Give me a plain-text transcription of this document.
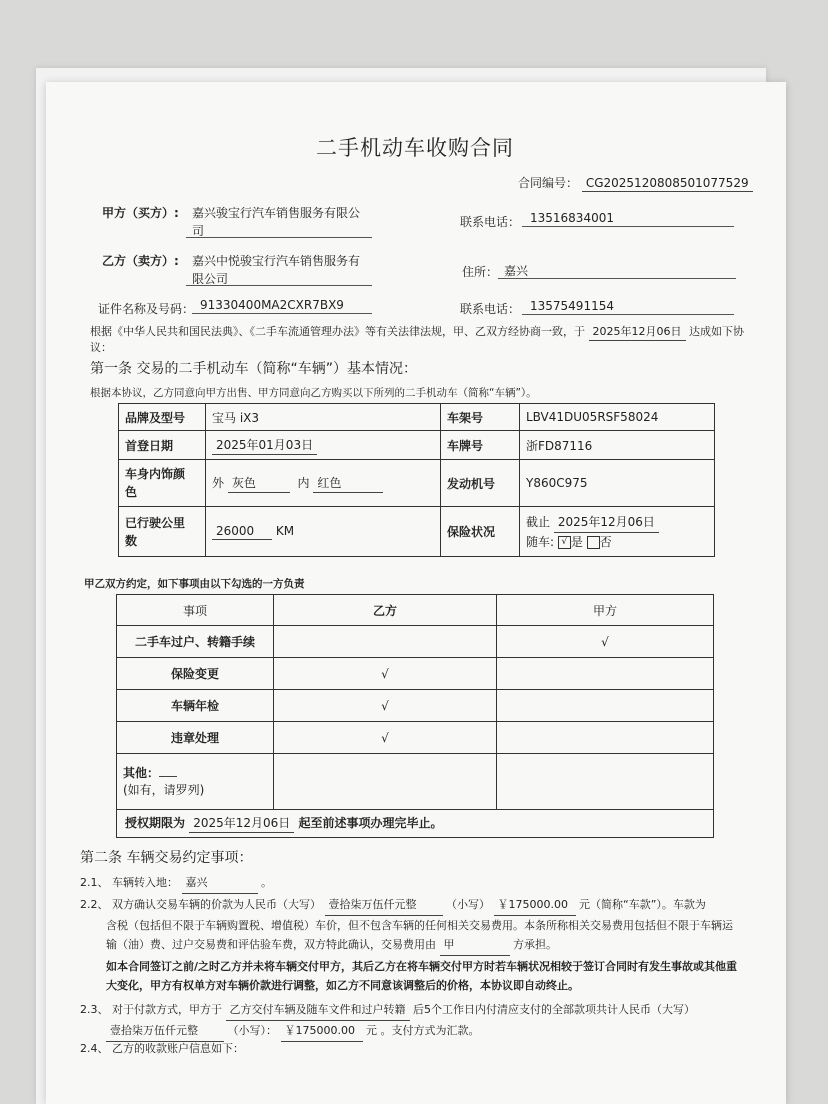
二手机动车收购合同
合同编号： CG2025120808501077529
甲方（买方）: 嘉兴骏宝行汽车销售服务有限公
司
联系电话： 13516834001
乙方（卖方）: 嘉兴中悦骏宝行汽车销售服务有
限公司	住所： 嘉兴
证件名称及号码： 91330400MA2CXR7BX9	联系电话： 13575491154
根据《中华人民共和国民法典》、《二手车流通管理办法》等有关法律法规，甲、乙双方经协商一致，于 2025年12月06日 达成如下协
议：
第一条 交易的二手机动车（简称“车辆”）基本情况：
根据本协议，乙方同意向甲方出售、甲方同意向乙方购买以下所列的二手机动车（简称“车辆”）。
品牌及型号	宝马 iX3	车架号	LBV41DU05RSF58024
首登日期	2025年01月03日	车牌号	浙FD87116
车身内饰颜
色	外 灰色 内 红色	发动机号	Y860C975
已行驶公里
数	26000 KM	保险状况	截止 2025年12月06日
随车: √ 是 否
甲乙双方约定，如下事项由以下勾选的一方负责
事项	乙方	甲方
二手车过户、转籍手续		√
保险变更	√	
车辆年检	√	
违章处理	√	
其他：
(如有，请罗列)		
授权期限为 2025年12月06日 起至前述事项办理完毕止。		
第二条 车辆交易约定事项：
2.1、 车辆转入地： 嘉兴	。
2.2、 双方确认交易车辆的价款为人民币（大写） 壹拾柒万伍仟元整	（小写） ￥175000.00 元（简称“车款”）。车款为
含税（包括但不限于车辆购置税、增值税）车价，但不包含车辆的任何相关交易费用。本条所称相关交易费用包括但不限于车辆运
输（油）费、过户交易费和评估验车费，双方特此确认，交易费用由 甲	方承担。
如本合同签订之前/之时乙方并未将车辆交付甲方，其后乙方在将车辆交付甲方时若车辆状况相较于签订合同时有发生事故或其他重
大变化，甲方有权单方对车辆价款进行调整，如乙方不同意该调整后的价格，本协议即自动终止。
2.3、 对于付款方式，甲方于 乙方交付车辆及随车文件和过户转籍 后5个工作日内付清应支付的全部款项共计人民币（大写）
壹拾柒万伍仟元整	（小写）： ￥175000.00 元 。支付方式为汇款。
2.4、 乙方的收款账户信息如下：
